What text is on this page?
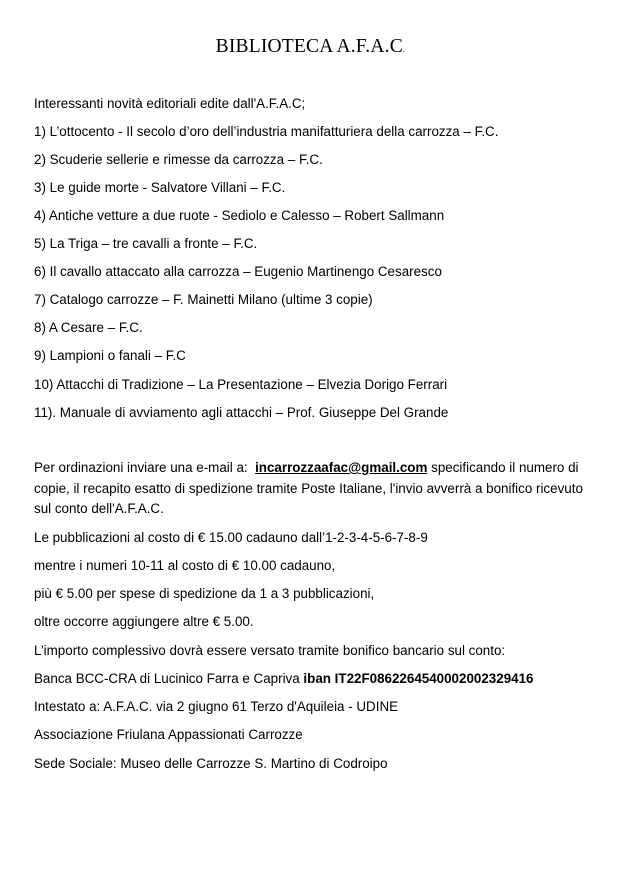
BIBLIOTECA A.F.A.C.
Interessanti novità editoriali edite dall'A.F.A.C;
1) L’ottocento - Il secolo d’oro dell’industria manifatturiera della carrozza – F.C.
2) Scuderie sellerie e rimesse da carrozza – F.C.
3) Le guide morte - Salvatore Villani – F.C.
4) Antiche vetture a due ruote - Sediolo e Calesso – Robert Sallmann
5) La Triga – tre cavalli a fronte – F.C.
6) Il cavallo attaccato alla carrozza – Eugenio Martinengo Cesaresco
7) Catalogo carrozze – F. Mainetti Milano (ultime 3 copie)
8) A Cesare – F.C.
9) Lampioni o fanali – F.C
10) Attacchi di Tradizione – La Presentazione – Elvezia Dorigo Ferrari
11). Manuale di avviamento agli attacchi – Prof. Giuseppe Del Grande
Per ordinazioni inviare una e-mail a: incarrozzaafac@gmail.com specificando il numero di copie, il recapito esatto di spedizione tramite Poste Italiane, l'invio avverrà a bonifico ricevuto sul conto dell'A.F.A.C.
Le pubblicazioni al costo di € 15.00 cadauno dall’1-2-3-4-5-6-7-8-9
mentre i numeri 10-11 al costo di € 10.00 cadauno,
più € 5.00 per spese di spedizione da 1 a 3 pubblicazioni,
oltre occorre aggiungere altre € 5.00.
L’importo complessivo dovrà essere versato tramite bonifico bancario sul conto:
Banca BCC-CRA di Lucinico Farra e Capriva iban IT22F0862264540002002329416
Intestato a: A.F.A.C. via 2 giugno 61 Terzo d'Aquileia - UDINE
Associazione Friulana Appassionati Carrozze
Sede Sociale: Museo delle Carrozze S. Martino di Codroipo
